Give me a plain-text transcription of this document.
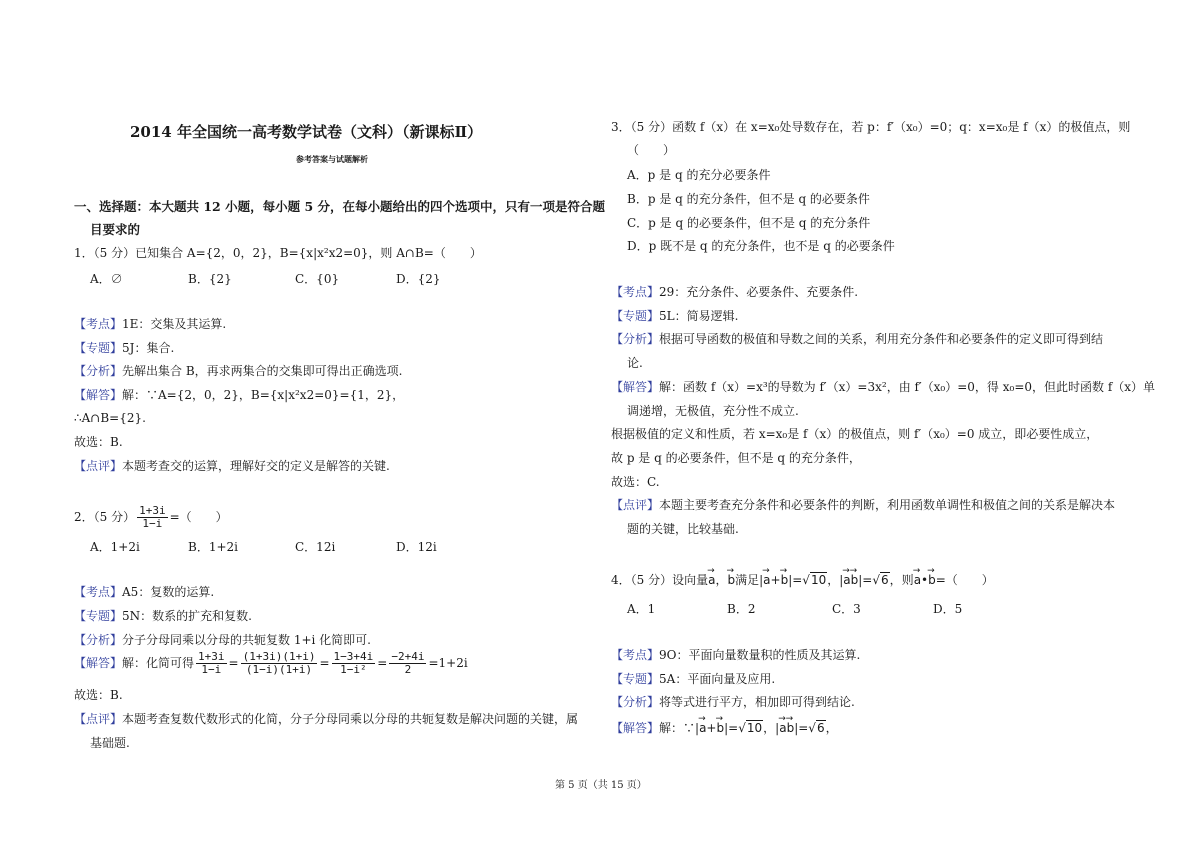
2014 年全国统一高考数学试卷（文科）（新课标Ⅱ）
参考答案与试题解析
一、选择题：本大题共 12 小题，每小题 5 分，在每小题给出的四个选项中，只有一项是符合题
目要求的
1．（5 分）已知集合 A={2，0，2}，B={x|x²x2=0}，则 A∩B=（　　）
A．∅	B．{2}	C．{0}	D．{2}
【考点】1E：交集及其运算.
【专题】5J：集合.
【分析】先解出集合 B，再求两集合的交集即可得出正确选项.
【解答】解：∵A={2，0，2}，B={x|x²x2=0}={1，2}，
∴A∩B={2}.
故选：B.
【点评】本题考查交的运算，理解好交的定义是解答的关键.
2．（5 分） $\frac{1+3i}{1-i}$ =（　　）
A．1+2i	B．1+2i	C．12i	D．12i
【考点】A5：复数的运算.
【专题】5N：数系的扩充和复数.
【分析】分子分母同乘以分母的共轭复数 1+i 化简即可.
【解答】解：化简可得 $\frac{1+3i}{1-i} = \frac{(1+3i)(1+i)}{(1-i)(1+i)} = \frac{1-3+4i}{\text{1−i²}} = \frac{-2+4i}{2} =1+2i$
故选：B.
【点评】本题考查复数代数形式的化简，分子分母同乘以分母的共轭复数是解决问题的关键，属
基础题.
3．（5 分）函数 f（x）在 x=x₀处导数存在，若 p：f′（x₀）=0；q：x=x₀是 f（x）的极值点，则
（　　）
A．p 是 q 的充分必要条件
B．p 是 q 的充分条件，但不是 q 的必要条件
C．p 是 q 的必要条件，但不是 q 的充分条件
D．p 既不是 q 的充分条件，也不是 q 的必要条件
【考点】29：充分条件、必要条件、充要条件.
【专题】5L：简易逻辑.
【分析】根据可导函数的极值和导数之间的关系，利用充分条件和必要条件的定义即可得到结
论.
【解答】解：函数 f（x）=x³的导数为 f′（x）=3x²，由 f′（x₀）=0，得 x₀=0，但此时函数 f（x）单
调递增，无极值，充分性不成立.
根据极值的定义和性质，若 x=x₀是 f（x）的极值点，则 f′（x₀）=0 成立，即必要性成立，
故 p 是 q 的必要条件，但不是 q 的充分条件，
故选：C.
【点评】本题主要考查充分条件和必要条件的判断，利用函数单调性和极值之间的关系是解决本
题的关键，比较基础.
4．（5 分）设向量→ a，→ b满足|→ a+→ b|=√10，|→ a→ b|=√6，则→ a•→ b=（　　）
A．1	B．2	C．3	D．5
【考点】9O：平面向量数量积的性质及其运算.
【专题】5A：平面向量及应用.
【分析】将等式进行平方，相加即可得到结论.
【解答】解：∵|→ a+→ b|=√10，|→ a→ b|=√6，
第 5 页（共 15 页）
